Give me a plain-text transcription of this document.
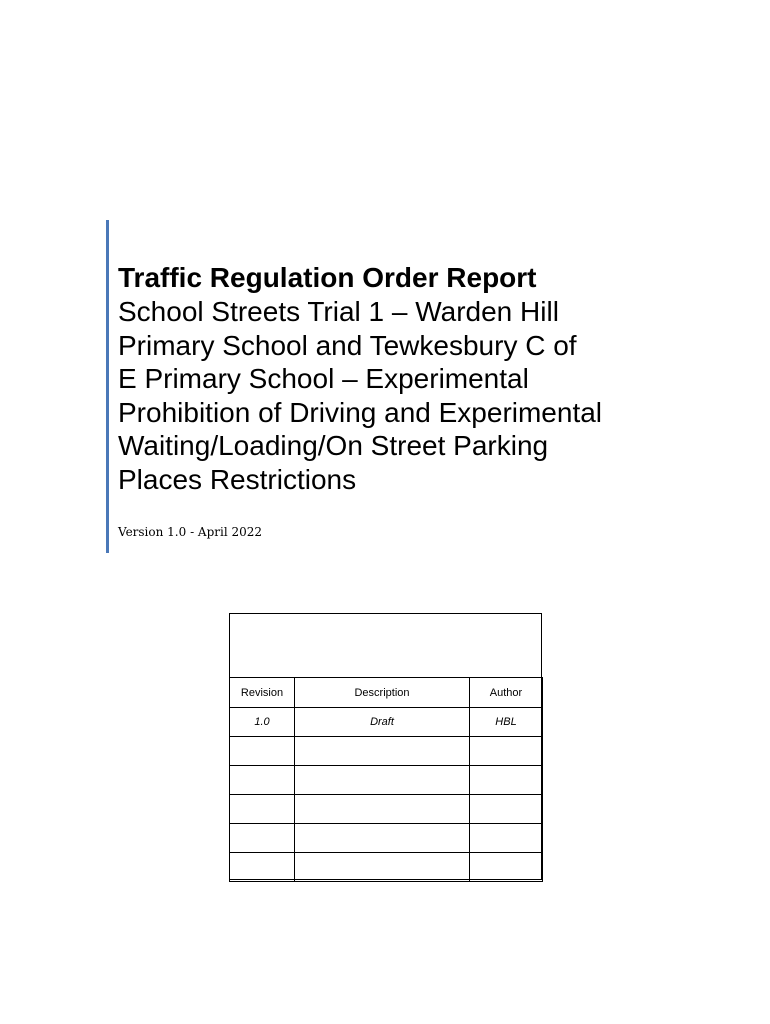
Traffic Regulation Order Report
School Streets Trial 1 – Warden Hill
Primary School and Tewkesbury C of
E Primary School – Experimental
Prohibition of Driving and Experimental
Waiting/Loading/On Street Parking
Places Restrictions
Version 1.0 - April 2022
Revision	Description	Author
1.0	Draft	HBL
